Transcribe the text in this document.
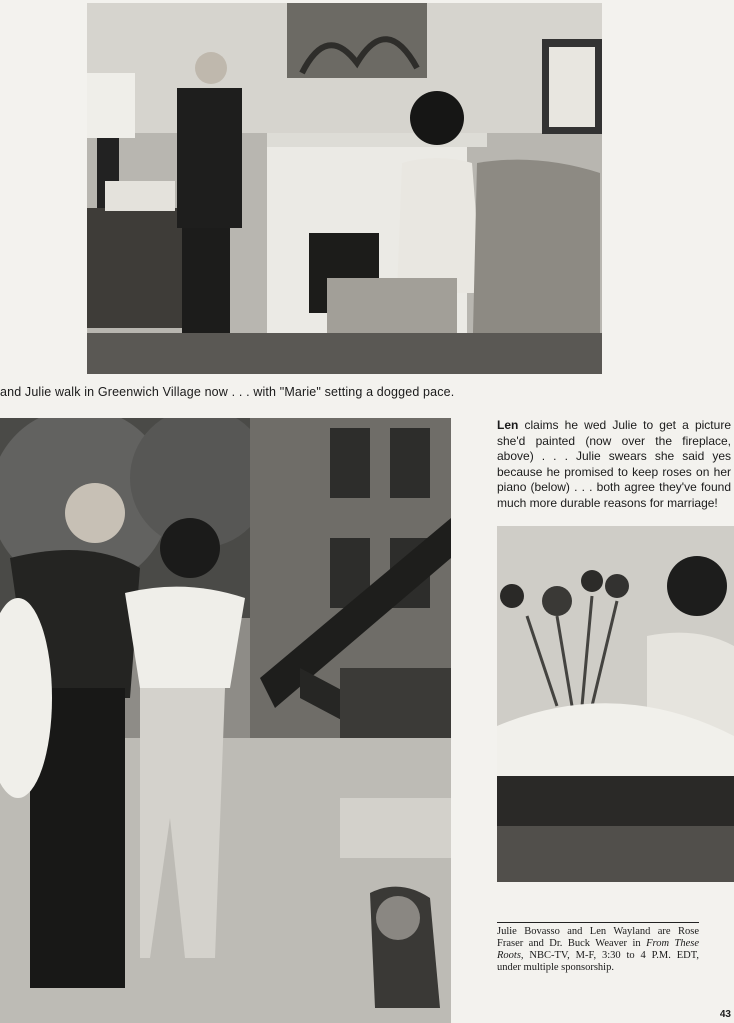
and Julie walk in Greenwich Village now . . . with "Marie" setting a dogged pace.
Len claims he wed Julie to get a picture she'd painted (now over the fireplace, above) . . . Julie swears she said yes because he promised to keep roses on her piano (below) . . . both agree they've found much more durable reasons for marriage!
Julie Bovasso and Len Wayland are Rose Fraser and Dr. Buck Weaver in From These Roots, NBC-TV, M-F, 3:30 to 4 P.M. EDT, under multiple sponsorship.
43
